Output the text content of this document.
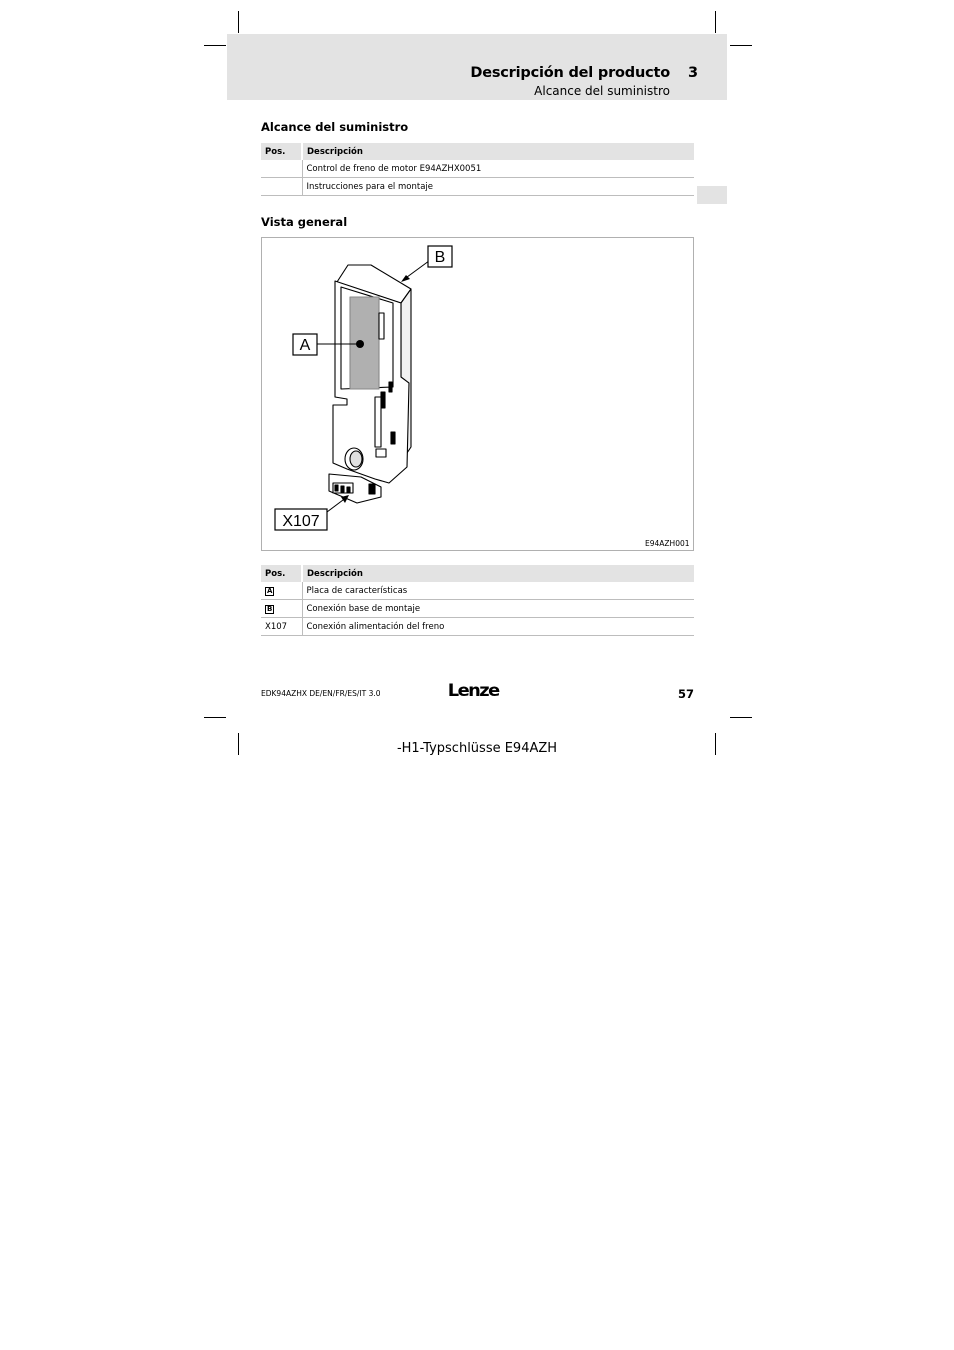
Descripción del producto 3
Alcance del suministro
Alcance del suministro
Pos.	Descripción
	Control de freno de motor E94AZHX0051
	Instrucciones para el montaje
Vista general
B
A
X107
E94AZH001
Pos.	Descripción
A	Placa de características
B	Conexión base de montaje
X107	Conexión alimentación del freno
EDK94AZHX DE/EN/FR/ES/IT 3.0	Lenze	57
-H1-Typschlüsse E94AZH
